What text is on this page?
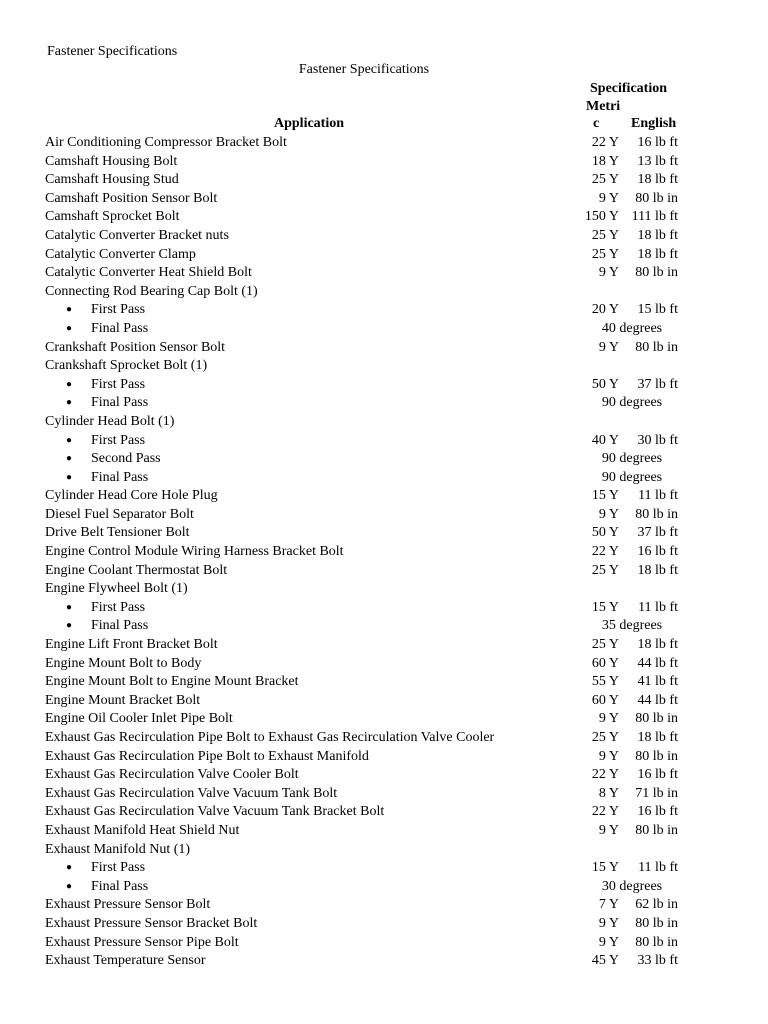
Fastener Specifications
Fastener Specifications
Specification
Metri
c
Application	English
Air Conditioning Compressor Bracket Bolt	22 Y 16 lb ft
Camshaft Housing Bolt	18 Y 13 lb ft
Camshaft Housing Stud	25 Y 18 lb ft
Camshaft Position Sensor Bolt	9 Y 80 lb in
Camshaft Sprocket Bolt	150 Y 111 lb ft
Catalytic Converter Bracket nuts	25 Y 18 lb ft
Catalytic Converter Clamp	25 Y 18 lb ft
Catalytic Converter Heat Shield Bolt	9 Y 80 lb in
Connecting Rod Bearing Cap Bolt (1)
● First Pass	20 Y 15 lb ft
● Final Pass	40 degrees
Crankshaft Position Sensor Bolt	9 Y 80 lb in
Crankshaft Sprocket Bolt (1)
● First Pass	50 Y 37 lb ft
● Final Pass	90 degrees
Cylinder Head Bolt (1)
● First Pass	40 Y 30 lb ft
● Second Pass	90 degrees
● Final Pass	90 degrees
Cylinder Head Core Hole Plug	15 Y 11 lb ft
Diesel Fuel Separator Bolt	9 Y 80 lb in
Drive Belt Tensioner Bolt	50 Y 37 lb ft
Engine Control Module Wiring Harness Bracket Bolt	22 Y 16 lb ft
Engine Coolant Thermostat Bolt	25 Y 18 lb ft
Engine Flywheel Bolt (1)
● First Pass	15 Y 11 lb ft
● Final Pass	35 degrees
Engine Lift Front Bracket Bolt	25 Y 18 lb ft
Engine Mount Bolt to Body	60 Y 44 lb ft
Engine Mount Bolt to Engine Mount Bracket	55 Y 41 lb ft
Engine Mount Bracket Bolt	60 Y 44 lb ft
Engine Oil Cooler Inlet Pipe Bolt	9 Y 80 lb in
Exhaust Gas Recirculation Pipe Bolt to Exhaust Gas Recirculation Valve Cooler	25 Y 18 lb ft
Exhaust Gas Recirculation Pipe Bolt to Exhaust Manifold	9 Y 80 lb in
Exhaust Gas Recirculation Valve Cooler Bolt	22 Y 16 lb ft
Exhaust Gas Recirculation Valve Vacuum Tank Bolt	8 Y 71 lb in
Exhaust Gas Recirculation Valve Vacuum Tank Bracket Bolt	22 Y 16 lb ft
Exhaust Manifold Heat Shield Nut	9 Y 80 lb in
Exhaust Manifold Nut (1)
● First Pass	15 Y 11 lb ft
● Final Pass	30 degrees
Exhaust Pressure Sensor Bolt	7 Y 62 lb in
Exhaust Pressure Sensor Bracket Bolt	9 Y 80 lb in
Exhaust Pressure Sensor Pipe Bolt	9 Y 80 lb in
Exhaust Temperature Sensor	45 Y 33 lb ft
